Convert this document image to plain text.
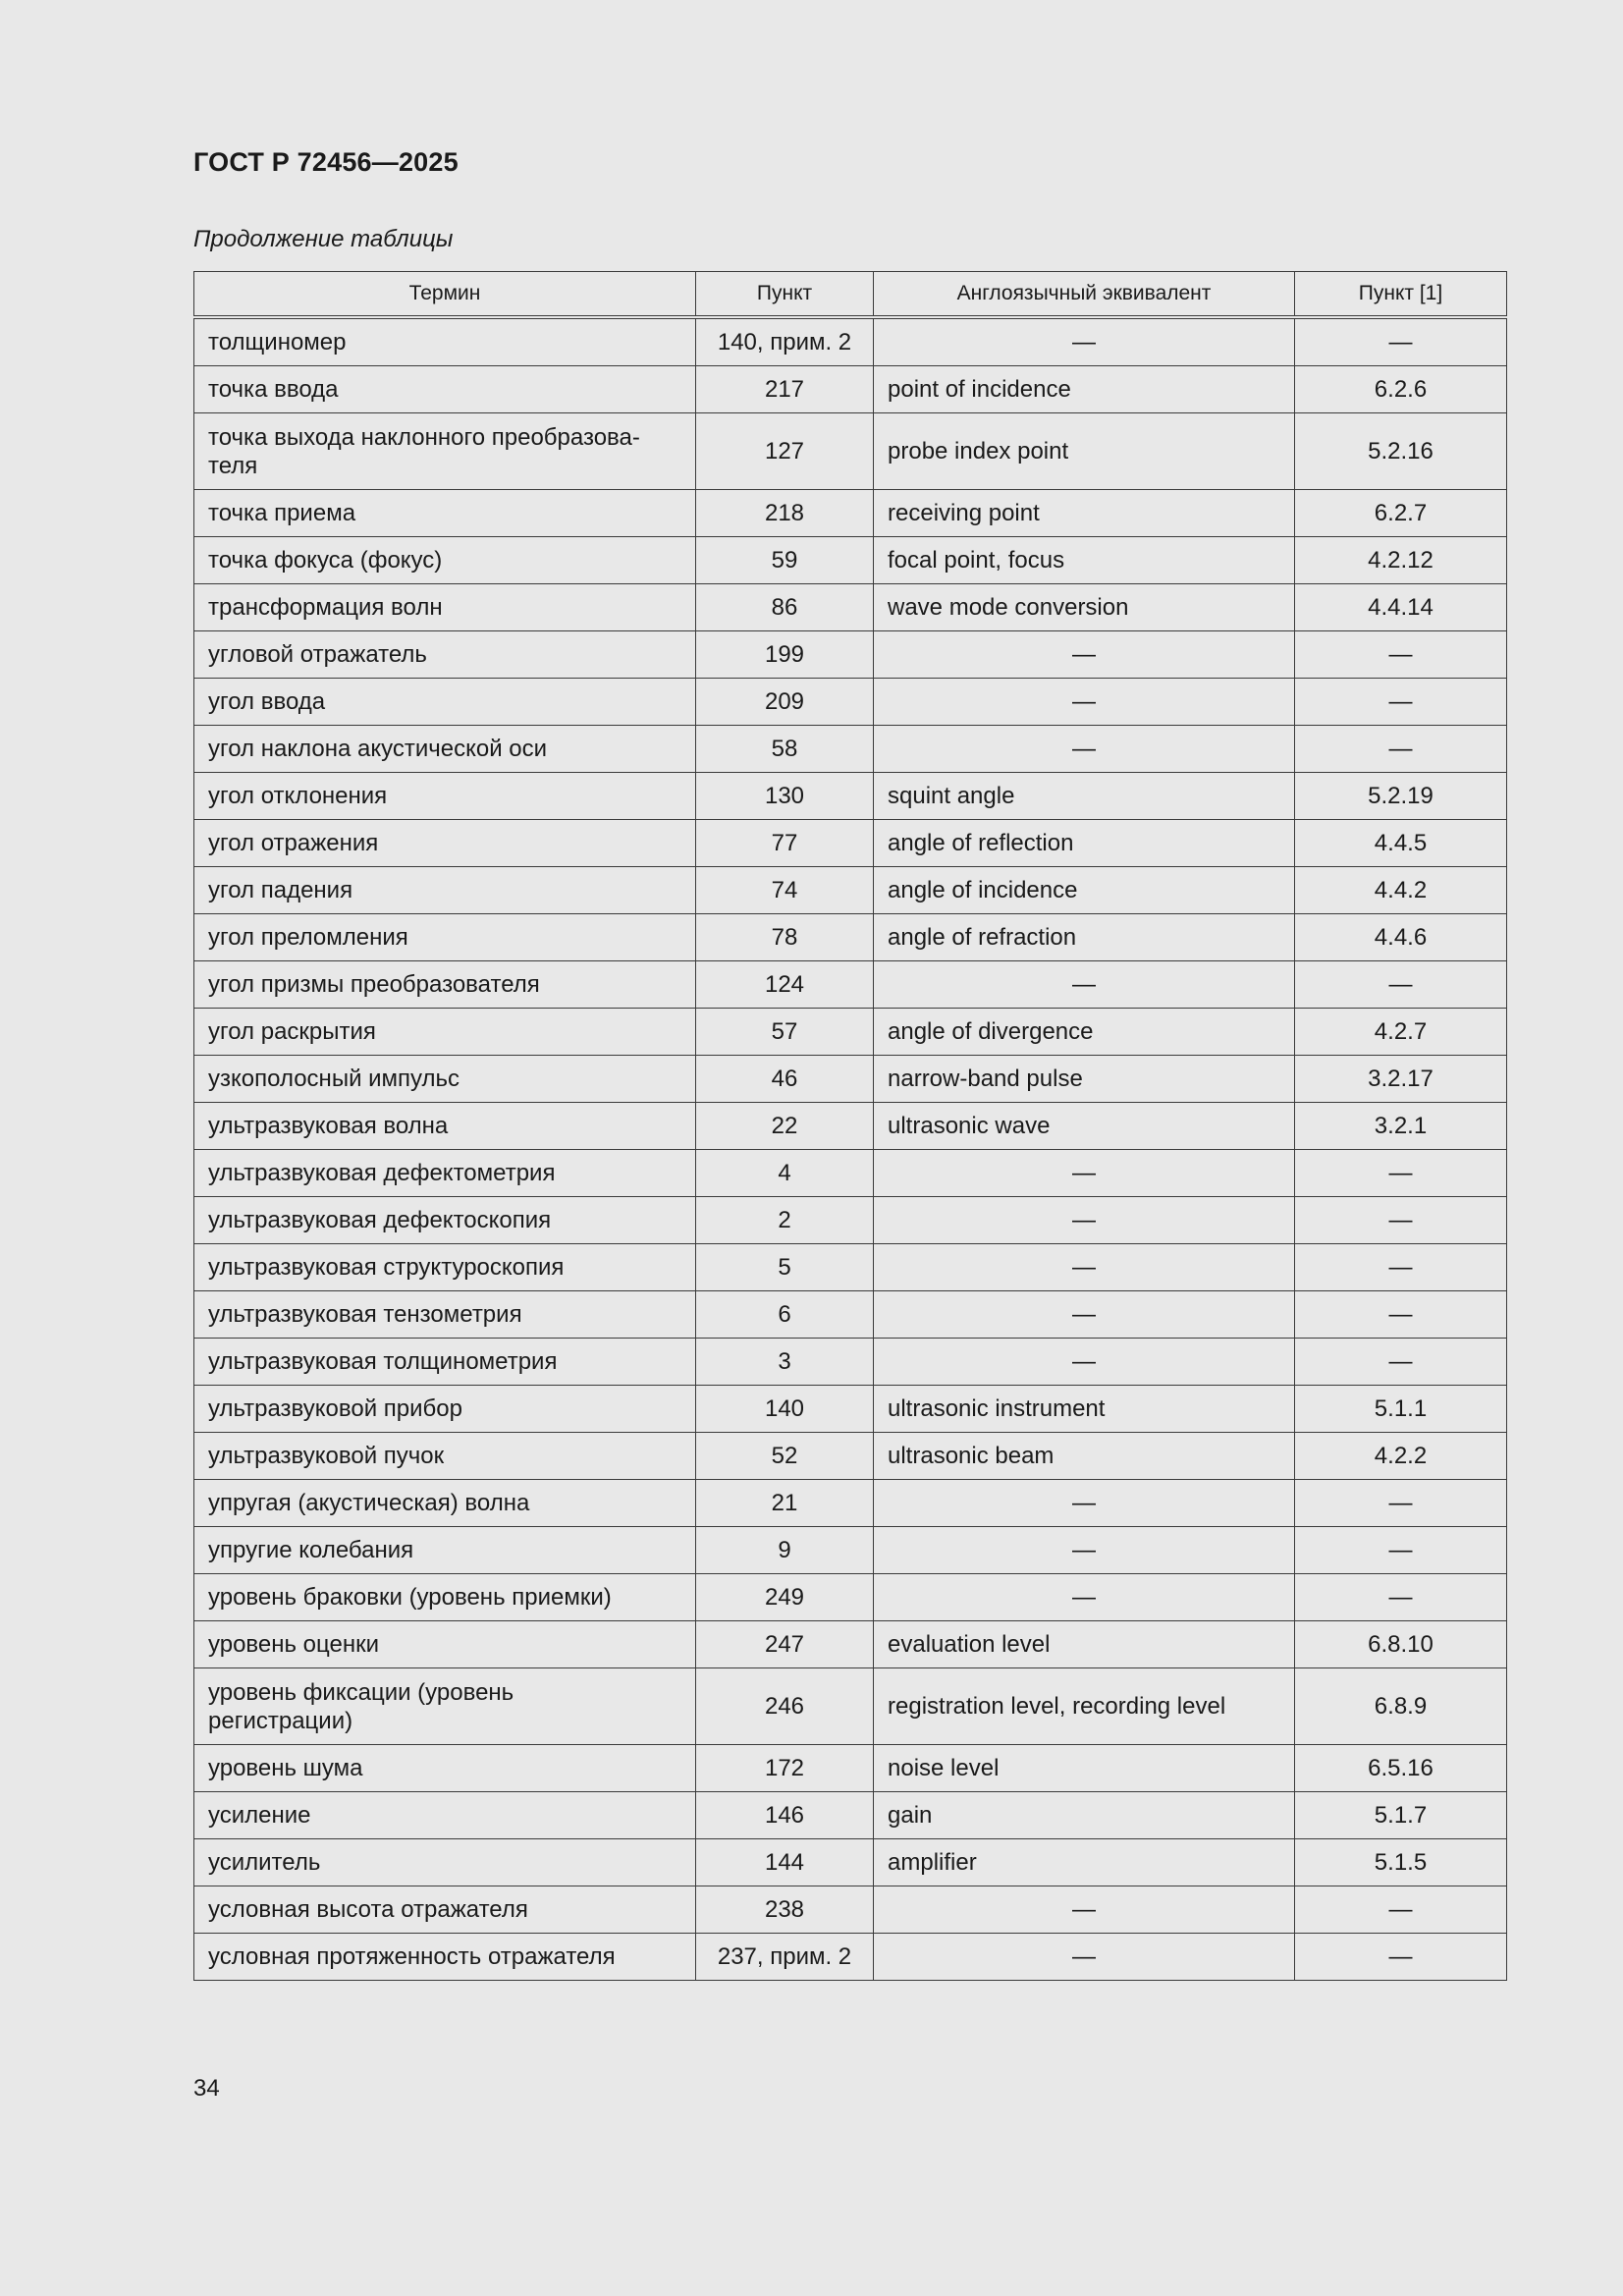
ГОСТ Р 72456—2025
Продолжение таблицы
Термин	Пункт	Англоязычный эквивалент	Пункт [1]
толщиномер	140, прим. 2	—	—
точка ввода	217	point of incidence	6.2.6
точка выхода наклонного преобразова-
теля	127	probe index point	5.2.16
точка приема	218	receiving point	6.2.7
точка фокуса (фокус)	59	focal point, focus	4.2.12
трансформация волн	86	wave mode conversion	4.4.14
угловой отражатель	199	—	—
угол ввода	209	—	—
угол наклона акустической оси	58	—	—
угол отклонения	130	squint angle	5.2.19
угол отражения	77	angle of reflection	4.4.5
угол падения	74	angle of incidence	4.4.2
угол преломления	78	angle of refraction	4.4.6
угол призмы преобразователя	124	—	—
угол раскрытия	57	angle of divergence	4.2.7
узкополосный импульс	46	narrow-band pulse	3.2.17
ультразвуковая волна	22	ultrasonic wave	3.2.1
ультразвуковая дефектометрия	4	—	—
ультразвуковая дефектоскопия	2	—	—
ультразвуковая структуроскопия	5	—	—
ультразвуковая тензометрия	6	—	—
ультразвуковая толщинометрия	3	—	—
ультразвуковой прибор	140	ultrasonic instrument	5.1.1
ультразвуковой пучок	52	ultrasonic beam	4.2.2
упругая (акустическая) волна	21	—	—
упругие колебания	9	—	—
уровень браковки (уровень приемки)	249	—	—
уровень оценки	247	evaluation level	6.8.10
уровень фиксации (уровень
регистрации)	246	registration level, recording level	6.8.9
уровень шума	172	noise level	6.5.16
усиление	146	gain	5.1.7
усилитель	144	amplifier	5.1.5
условная высота отражателя	238	—	—
условная протяженность отражателя	237, прим. 2	—	—
34
